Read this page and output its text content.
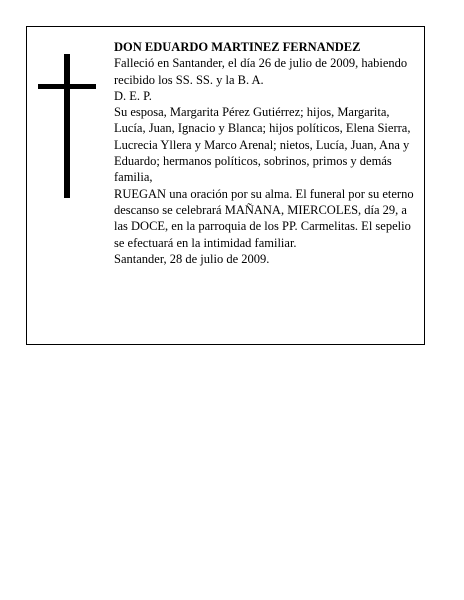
DON EDUARDO MARTINEZ FERNANDEZ

Falleció en Santander, el día 26 de julio de 2009, habiendo recibido los SS. SS. y la B. A.

D. E. P.

Su esposa, Margarita Pérez Gutiérrez; hijos, Margarita, Lucía, Juan, Ignacio y Blanca; hijos políticos, Elena Sierra, Lucrecia Yllera y Marco Arenal; nietos, Lucía, Juan, Ana y Eduardo; hermanos políticos, sobrinos, primos y demás familia,

RUEGAN una oración por su alma. El funeral por su eterno descanso se celebrará MAÑANA, MIERCOLES, día 29, a las DOCE, en la parroquia de los PP. Carmelitas. El sepelio se efectuará en la intimidad familiar.

Santander, 28 de julio de 2009.
